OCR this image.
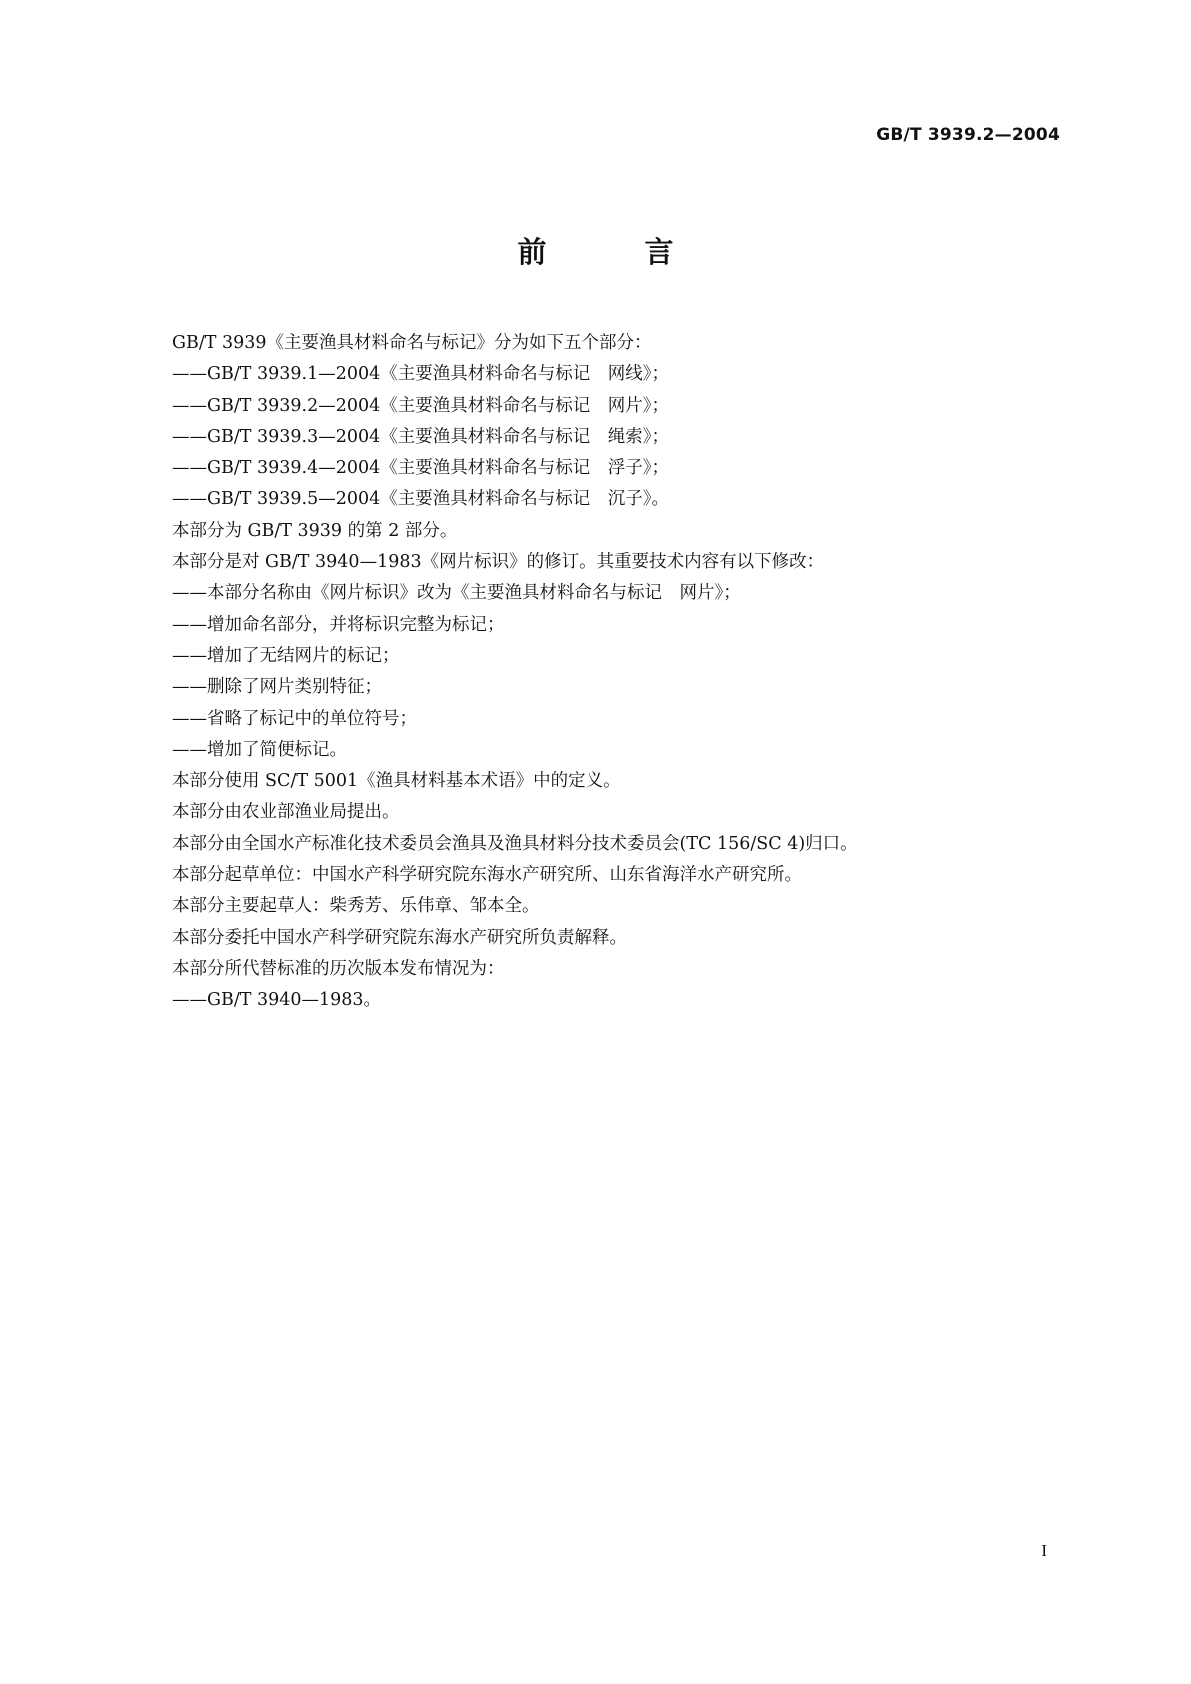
GB/T 3939.2—2004
前 言
GB/T 3939《主要渔具材料命名与标记》分为如下五个部分：
——GB/T 3939.1—2004《主要渔具材料命名与标记　网线》；
——GB/T 3939.2—2004《主要渔具材料命名与标记　网片》；
——GB/T 3939.3—2004《主要渔具材料命名与标记　绳索》；
——GB/T 3939.4—2004《主要渔具材料命名与标记　浮子》；
——GB/T 3939.5—2004《主要渔具材料命名与标记　沉子》。
本部分为 GB/T 3939 的第 2 部分。
本部分是对 GB/T 3940—1983《网片标识》的修订。其重要技术内容有以下修改：
——本部分名称由《网片标识》改为《主要渔具材料命名与标记　网片》；
——增加命名部分，并将标识完整为标记；
——增加了无结网片的标记；
——删除了网片类别特征；
——省略了标记中的单位符号；
——增加了简便标记。
本部分使用 SC/T 5001《渔具材料基本术语》中的定义。
本部分由农业部渔业局提出。
本部分由全国水产标准化技术委员会渔具及渔具材料分技术委员会(TC 156/SC 4)归口。
本部分起草单位：中国水产科学研究院东海水产研究所、山东省海洋水产研究所。
本部分主要起草人：柴秀芳、乐伟章、邹本全。
本部分委托中国水产科学研究院东海水产研究所负责解释。
本部分所代替标准的历次版本发布情况为：
——GB/T 3940—1983。
I
